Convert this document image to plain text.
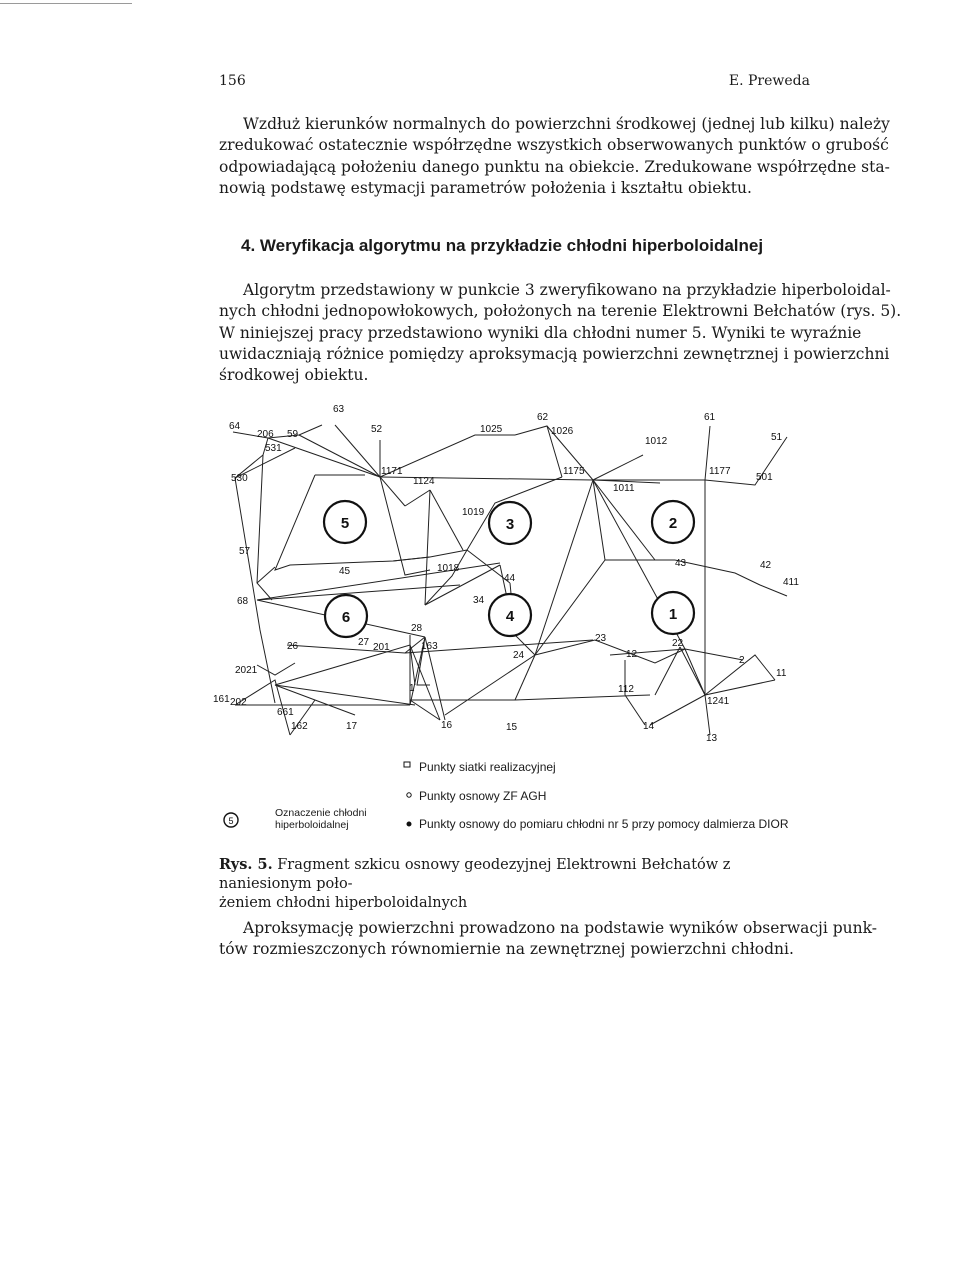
156	E. Preweda
Wzdłuż kierunków normalnych do powierzchni środkowej (jednej lub kilku) należy
zredukować ostatecznie współrzędne wszystkich obserwowanych punktów o grubość
odpowiadającą położeniu danego punktu na obiekcie. Zredukowane współrzędne sta-
nowią podstawę estymacji parametrów położenia i kształtu obiektu.
4. Weryfikacja algorytmu na przykładzie chłodni hiperboloidalnej
Algorytm przedstawiony w punkcie 3 zweryfikowano na przykładzie hiperboloidal-
nych chłodni jednopowłokowych, położonych na terenie Elektrowni Bełchatów (rys. 5).
W niniejszej pracy przedstawiono wyniki dla chłodni numer 5. Wyniki te wyraźnie
uwidaczniają różnice pomiędzy aproksymacją powierzchni zewnętrznej i powierzchni
środkowej obiektu.
5	3	2
6	4	1
64
206 59
531
63
52	1025
62
1026
1012
61
51
530
1171
1124
1175
1011
1177
501
1019
57
45	1018
44
43	42
411
68	34
28
26	27 201	163
24
23
12
22
2
11
2021
161 202
661
162	17
1
16	15
112
1241
14
13
5
Punkty siatki realizacyjnej
Punkty osnowy ZF AGH
Punkty osnowy do pomiaru chłodni nr 5 przy pomocy dalmierza DIOR
Oznaczenie chłodni
hiperboloidalnej
Rys. 5. Fragment szkicu osnowy geodezyjnej Elektrowni Bełchatów z naniesionym poło-
żeniem chłodni hiperboloidalnych
Aproksymację powierzchni prowadzono na podstawie wyników obserwacji punk-
tów rozmieszczonych równomiernie na zewnętrznej powierzchni chłodni.
